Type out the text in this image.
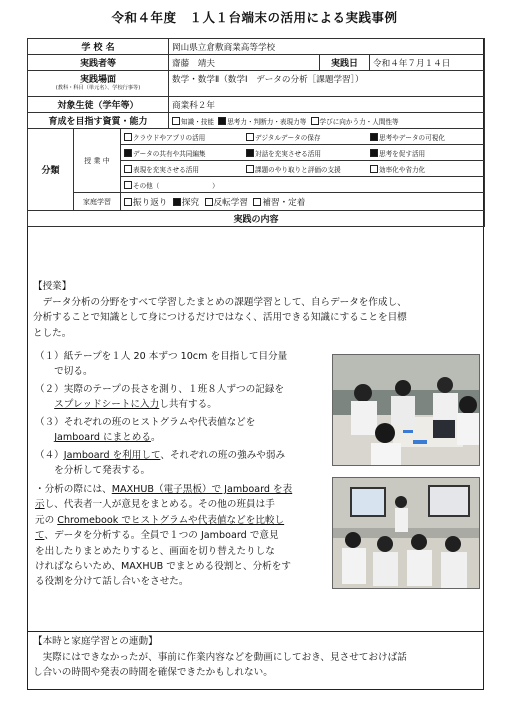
令和４年度　１人１台端末の活用による実践事例
学 校 名			岡山県立倉敷商業高等学校		
実践者等			齋藤　靖夫	実践日	令和４年７月１４日
実践場面
(教科・科目（単元名）、学校行事等)			数学・数学Ⅱ（数学Ⅰ　データの分析［課題学習］）		
対象生徒（学年等）			商業科２年		
育成を目指す資質・能力			知識・技能 思考力・判断力・表現力等 学びに向かう力・人間性等		
分類	授 業 中	クラウドやアプリの活用 デジタルデータの保存 思考やデータの可視化			
		データの共有や共同編集 対話を充実させる活用 思考を促す活用			
		表現を充実させる活用 課題のやり取りと評価の支援 効率化や省力化			
		その他（　　　　　　　　）			
	家庭学習	振り返り 探究 反転学習 補習・定着			
実践の内容					
【授業】
　データ分析の分野をすべて学習したまとめの課題学習として、自らデータを作成し、
分析することで知識として身につけるだけではなく、活用できる知識にすることを目標
とした。
（１）紙テープを１人 20 本ずつ 10cm を目指して目分量
　　で切る。
（２）実際のテープの長さを測り、１班８人ずつの記録を
　　スプレッドシートに入力し共有する。
（３）それぞれの班のヒストグラムや代表値などを
　　Jamboard にまとめる。
（４）Jamboard を利用して、それぞれの班の強みや弱み
　　を分析して発表する。
・分析の際には、MAXHUB（電子黒板）で Jamboard を表
示し、代表者一人が意見をまとめる。その他の班員は手
元の Chromebook でヒストグラムや代表値などを比較し
て、データを分析する。全員で１つの Jamboard で意見
を出したりまとめたりすると、画面を切り替えたりしな
ければならいため、MAXHUB でまとめる役割と、分析をす
る役割を分けて話し合いをさせた。
【本時と家庭学習との連動】
　実際にはできなかったが、事前に作業内容などを動画にしておき、見させておけば話
し合いの時間や発表の時間を確保できたかもしれない。
